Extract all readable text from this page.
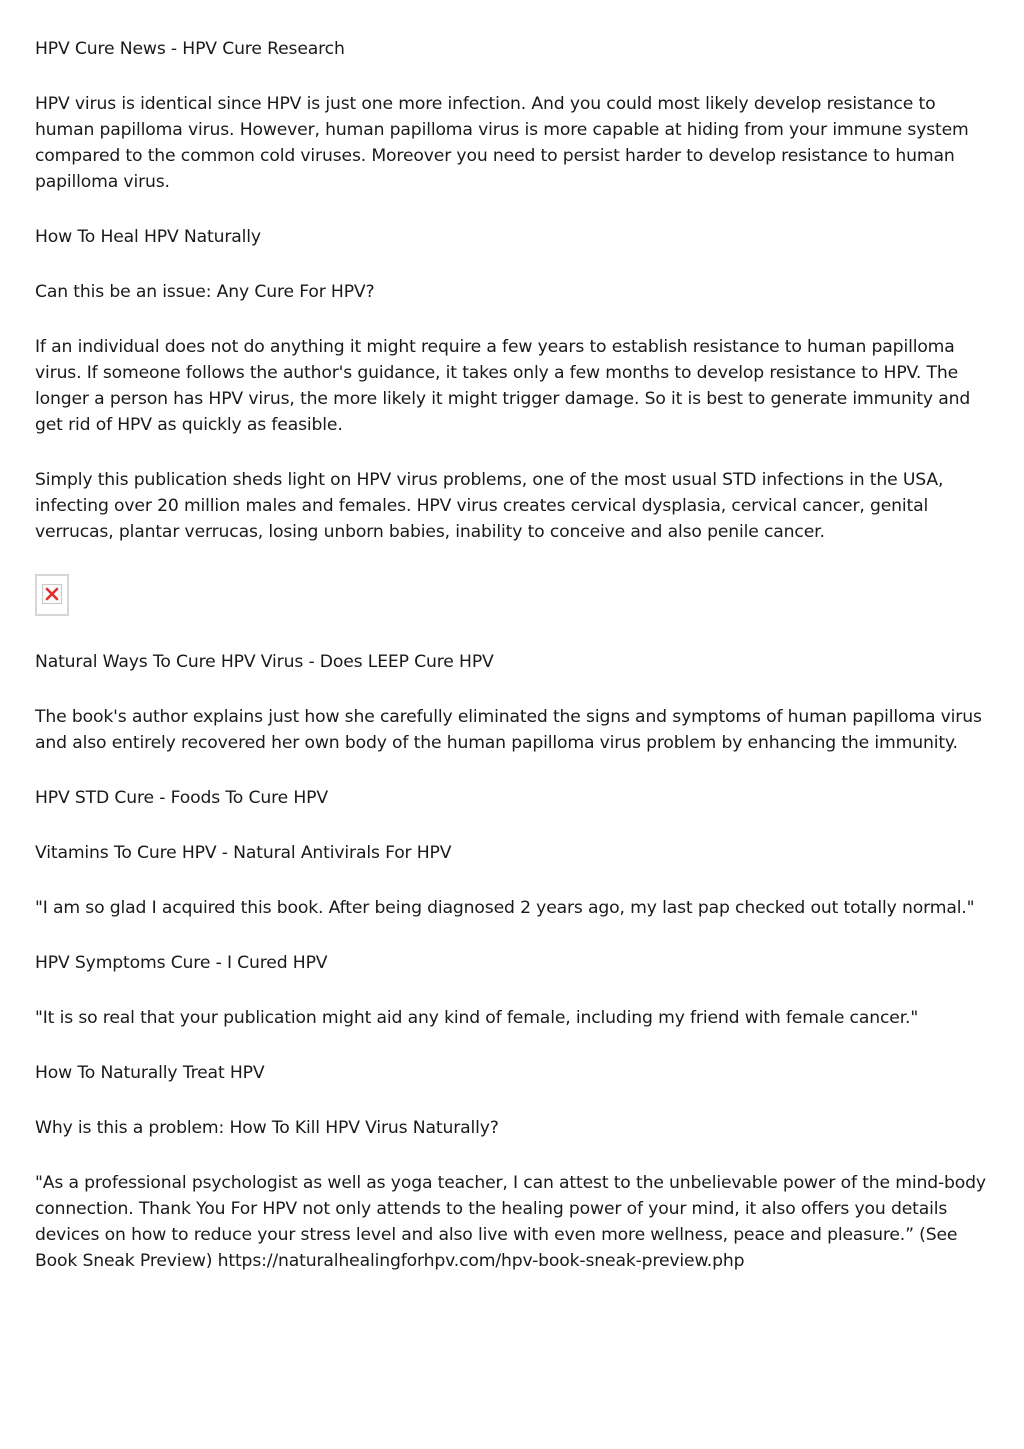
HPV Cure News - HPV Cure Research

HPV virus is identical since HPV is just one more infection. And you could most likely develop resistance to human papilloma virus. However, human papilloma virus is more capable at hiding from your immune system compared to the common cold viruses. Moreover you need to persist harder to develop resistance to human papilloma virus.

How To Heal HPV Naturally

Can this be an issue: Any Cure For HPV?

If an individual does not do anything it might require a few years to establish resistance to human papilloma virus. If someone follows the author's guidance, it takes only a few months to develop resistance to HPV. The longer a person has HPV virus, the more likely it might trigger damage. So it is best to generate immunity and get rid of HPV as quickly as feasible.

Simply this publication sheds light on HPV virus problems, one of the most usual STD infections in the USA, infecting over 20 million males and females. HPV virus creates cervical dysplasia, cervical cancer, genital verrucas, plantar verrucas, losing unborn babies, inability to conceive and also penile cancer.

Natural Ways To Cure HPV Virus - Does LEEP Cure HPV

The book's author explains just how she carefully eliminated the signs and symptoms of human papilloma virus and also entirely recovered her own body of the human papilloma virus problem by enhancing the immunity.

HPV STD Cure - Foods To Cure HPV

Vitamins To Cure HPV - Natural Antivirals For HPV

"I am so glad I acquired this book. After being diagnosed 2 years ago, my last pap checked out totally normal."

HPV Symptoms Cure - I Cured HPV

"It is so real that your publication might aid any kind of female, including my friend with female cancer."

How To Naturally Treat HPV

Why is this a problem: How To Kill HPV Virus Naturally?

"As a professional psychologist as well as yoga teacher, I can attest to the unbelievable power of the mind-body connection. Thank You For HPV not only attends to the healing power of your mind, it also offers you details devices on how to reduce your stress level and also live with even more wellness, peace and pleasure.” (See Book Sneak Preview) https://naturalhealingforhpv.com/hpv-book-sneak-preview.php
